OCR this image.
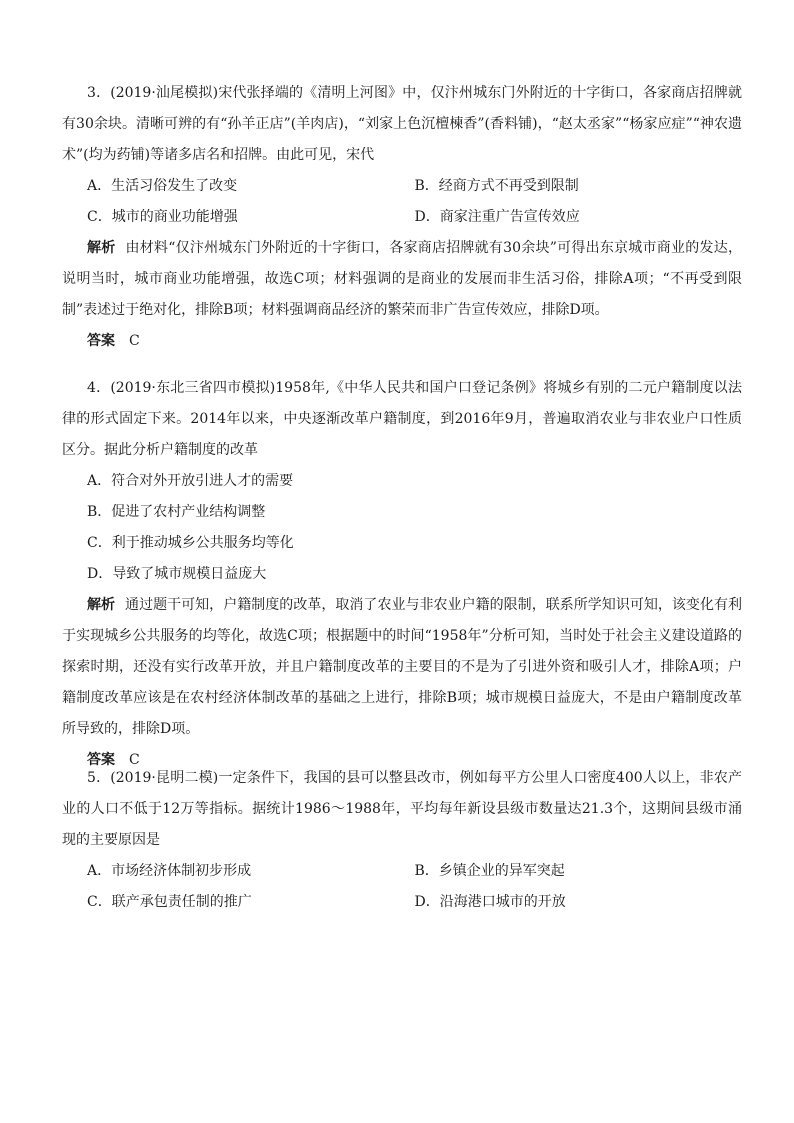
3．(2019·汕尾模拟)宋代张择端的《清明上河图》中，仅汴州城东门外附近的十字街口，各家商店招牌就有30余块。清晰可辨的有“孙羊正店”(羊肉店)，“刘家上色沉檀楝香”(香料铺)，“赵太丞家”“杨家应症”“神农遗术”(均为药铺)等诸多店名和招牌。由此可见，宋代

A．生活习俗发生了改变	B．经商方式不再受到限制
C．城市的商业功能增强	D．商家注重广告宣传效应

解析 由材料“仅汴州城东门外附近的十字街口，各家商店招牌就有30余块”可得出东京城市商业的发达，说明当时，城市商业功能增强，故选C项；材料强调的是商业的发展而非生活习俗，排除A项；“不再受到限制”表述过于绝对化，排除B项；材料强调商品经济的繁荣而非广告宣传效应，排除D项。

答案 C

4．(2019·东北三省四市模拟)1958年,《中华人民共和国户口登记条例》将城乡有别的二元户籍制度以法律的形式固定下来。2014年以来，中央逐渐改革户籍制度，到2016年9月，普遍取消农业与非农业户口性质区分。据此分析户籍制度的改革

A．符合对外开放引进人才的需要
B．促进了农村产业结构调整
C．利于推动城乡公共服务均等化
D．导致了城市规模日益庞大

解析 通过题干可知，户籍制度的改革，取消了农业与非农业户籍的限制，联系所学知识可知，该变化有利于实现城乡公共服务的均等化，故选C项；根据题中的时间“1958年”分析可知，当时处于社会主义建设道路的探索时期，还没有实行改革开放，并且户籍制度改革的主要目的不是为了引进外资和吸引人才，排除A项；户籍制度改革应该是在农村经济体制改革的基础之上进行，排除B项；城市规模日益庞大，不是由户籍制度改革所导致的，排除D项。

答案 C

5．(2019·昆明二模)一定条件下，我国的县可以整县改市，例如每平方公里人口密度400人以上，非农产业的人口不低于12万等指标。据统计1986～1988年，平均每年新设县级市数量达21.3个，这期间县级市涌现的主要原因是

A．市场经济体制初步形成	B．乡镇企业的异军突起
C．联产承包责任制的推广	D．沿海港口城市的开放
